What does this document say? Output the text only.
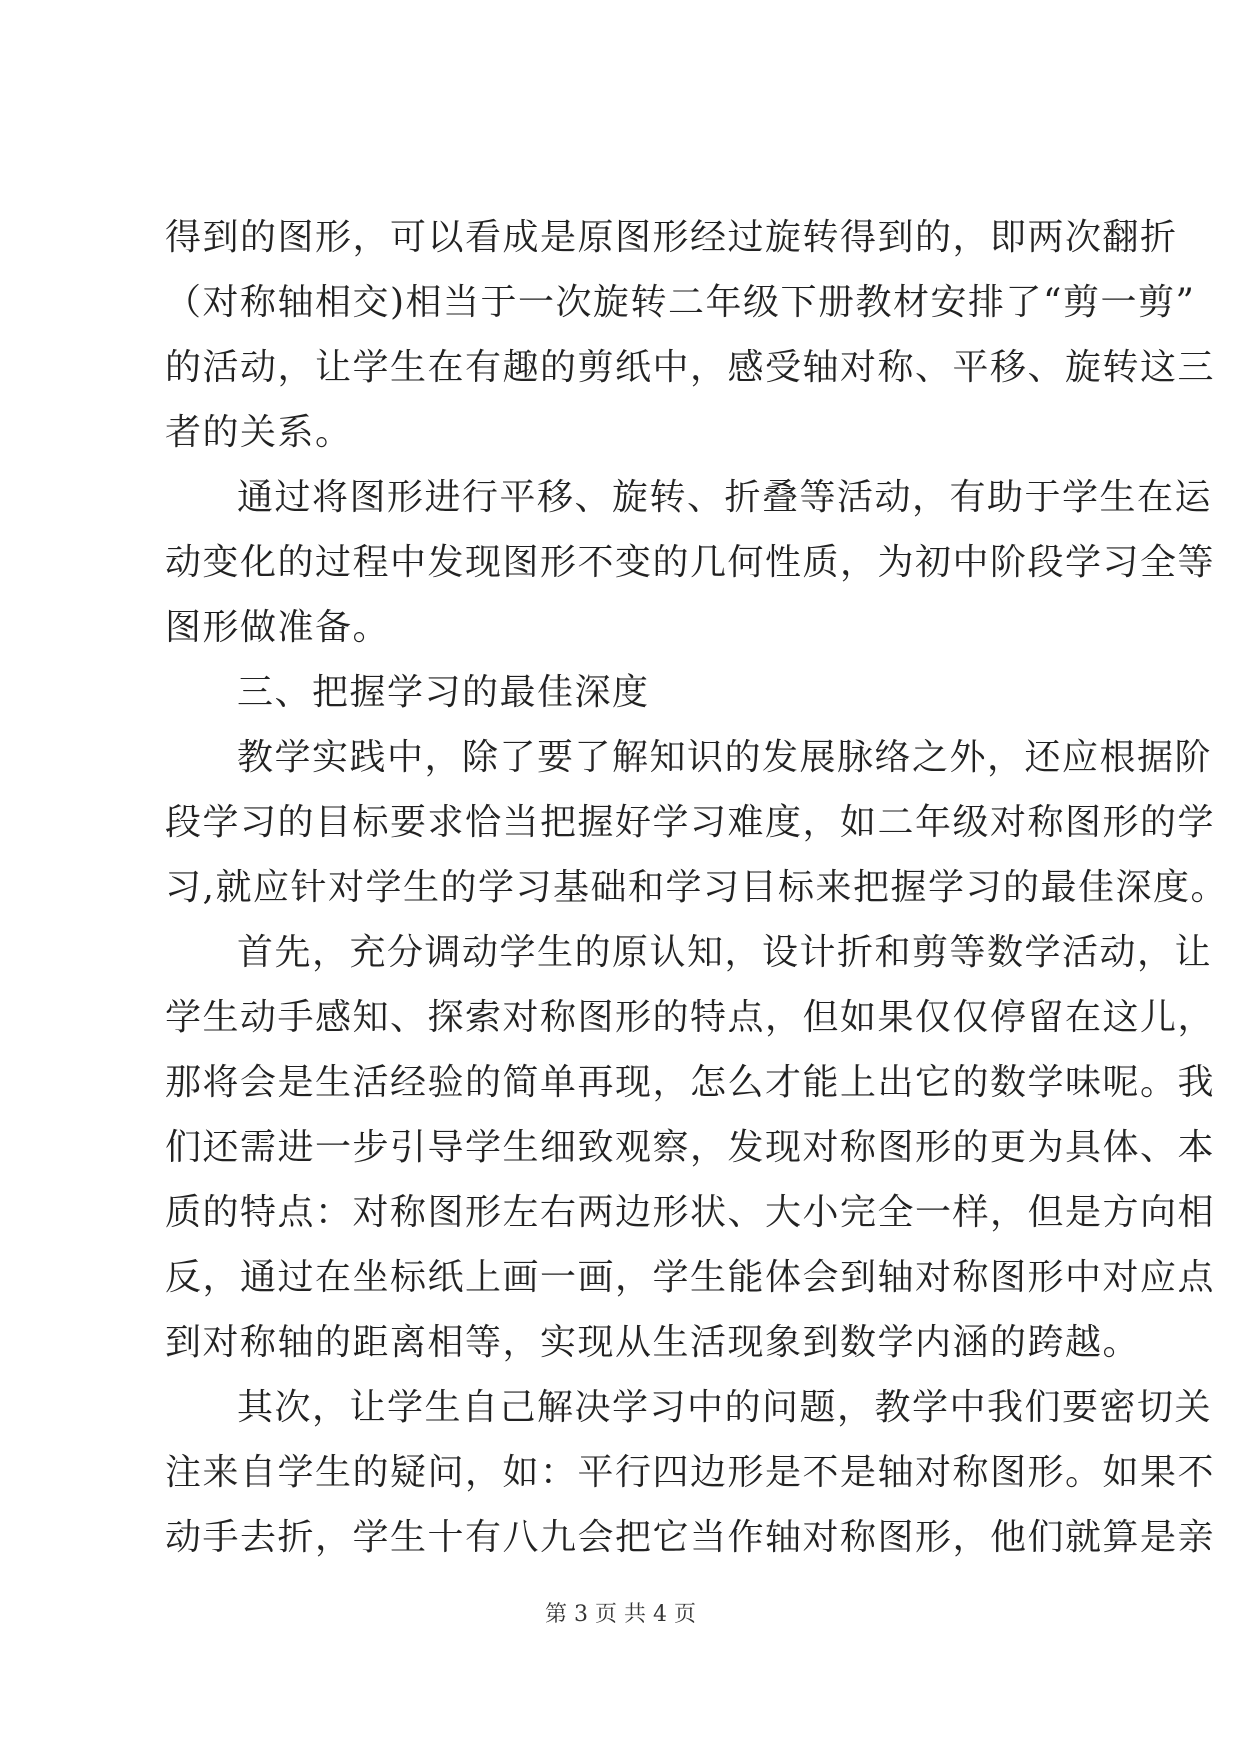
得到的图形，可以看成是原图形经过旋转得到的，即两次翻折
（对称轴相交)相当于一次旋转二年级下册教材安排了“剪一剪”
的活动，让学生在有趣的剪纸中，感受轴对称、平移、旋转这三
者的关系。
通过将图形进行平移、旋转、折叠等活动，有助于学生在运
动变化的过程中发现图形不变的几何性质，为初中阶段学习全等
图形做准备。
三、把握学习的最佳深度
教学实践中，除了要了解知识的发展脉络之外，还应根据阶
段学习的目标要求恰当把握好学习难度，如二年级对称图形的学
习,就应针对学生的学习基础和学习目标来把握学习的最佳深度。
首先，充分调动学生的原认知，设计折和剪等数学活动，让
学生动手感知、探索对称图形的特点，但如果仅仅停留在这儿，
那将会是生活经验的简单再现，怎么才能上出它的数学味呢。我
们还需进一步引导学生细致观察，发现对称图形的更为具体、本
质的特点：对称图形左右两边形状、大小完全一样，但是方向相
反，通过在坐标纸上画一画，学生能体会到轴对称图形中对应点
到对称轴的距离相等，实现从生活现象到数学内涵的跨越。
其次，让学生自己解决学习中的问题，教学中我们要密切关
注来自学生的疑问，如：平行四边形是不是轴对称图形。如果不
动手去折，学生十有八九会把它当作轴对称图形，他们就算是亲
第 3 页 共 4 页
